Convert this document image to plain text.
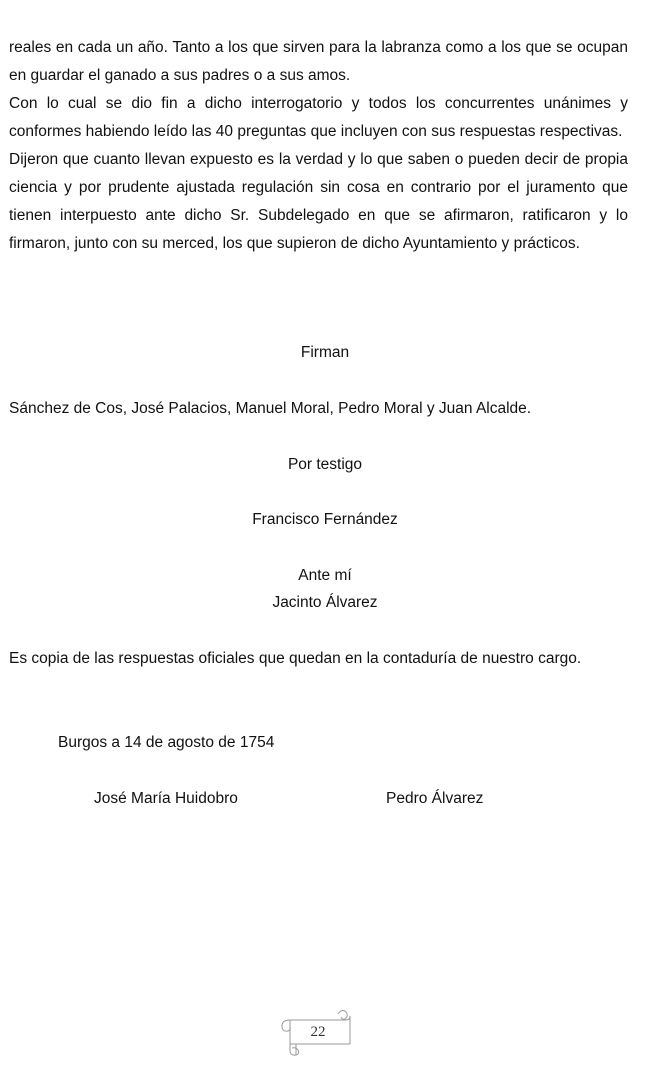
reales en cada un año. Tanto a los que sirven para la labranza como a los que se ocupan en guardar el ganado a sus padres o a sus amos.

Con lo cual se dio fin a dicho interrogatorio y todos los concurrentes unánimes y conformes habiendo leído las 40 preguntas que incluyen con sus respuestas respectivas.

Dijeron que cuanto llevan expuesto es la verdad y lo que saben o pueden decir de propia ciencia y por prudente ajustada regulación sin cosa en contrario por el juramento que tienen interpuesto ante dicho Sr. Subdelegado en que se afirmaron, ratificaron y lo firmaron, junto con su merced, los que supieron de dicho Ayuntamiento y prácticos.

Firman

Sánchez de Cos, José Palacios, Manuel Moral, Pedro Moral y Juan Alcalde.

Por testigo

Francisco Fernández

Ante mí

Jacinto Álvarez

Es copia de las respuestas oficiales que quedan en la contaduría de nuestro cargo.

Burgos a 14 de agosto de 1754

José María Huidobro	Pedro Álvarez

22
